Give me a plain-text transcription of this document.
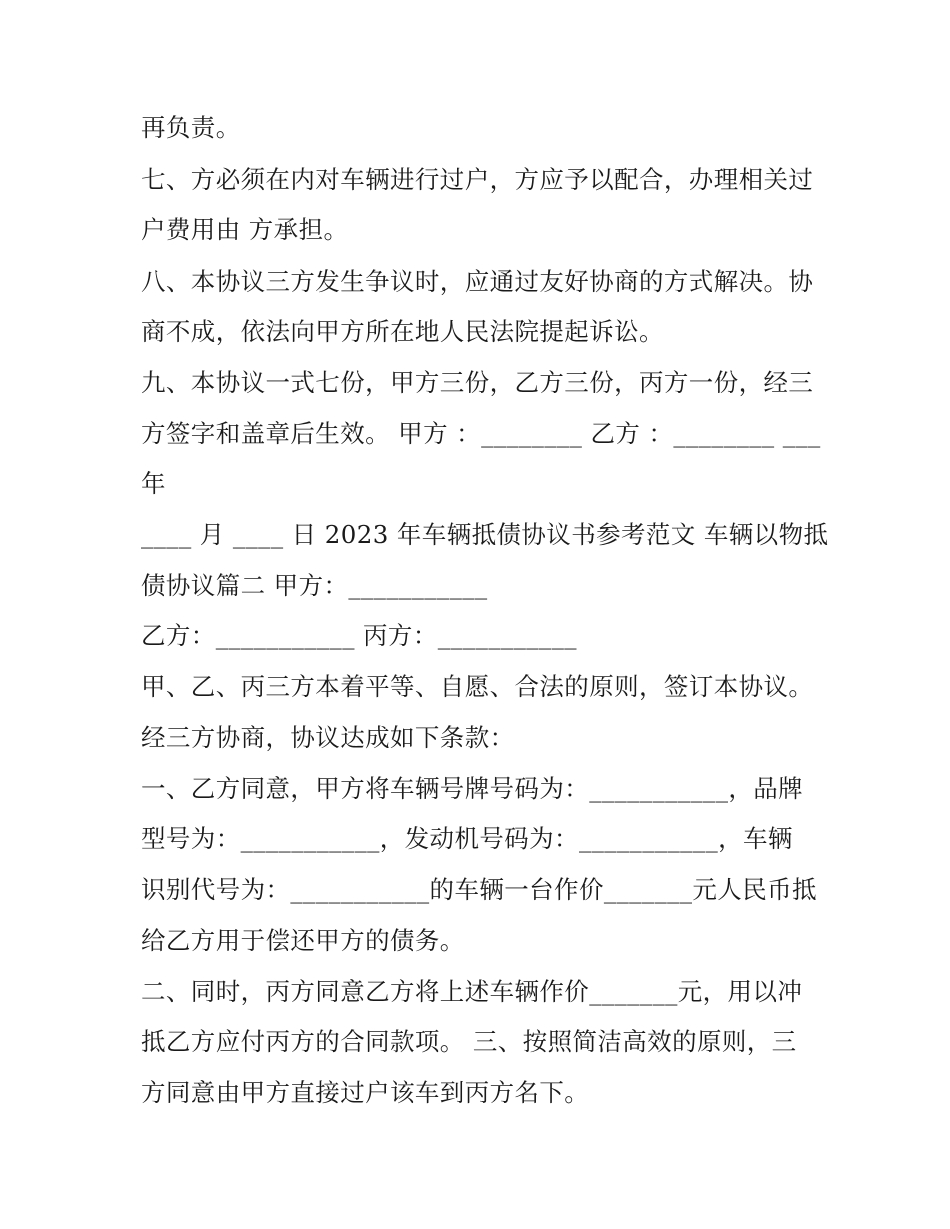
再负责。
七、方必须在内对车辆进行过户，方应予以配合，办理相关过
户费用由 方承担。
八、本协议三方发生争议时，应通过友好协商的方式解决。协
商不成，依法向甲方所在地人民法院提起诉讼。
九、本协议一式七份，甲方三份，乙方三份，丙方一份，经三
方签字和盖章后生效。 甲方 ：________ 乙方 ：________ ___
年
____ 月 ____ 日 2023 年车辆抵债协议书参考范文 车辆以物抵
债协议篇二 甲方：___________
乙方：___________ 丙方：___________
甲、乙、丙三方本着平等、自愿、合法的原则，签订本协议。
经三方协商，协议达成如下条款：
一、乙方同意，甲方将车辆号牌号码为：___________，品牌
型号为：___________，发动机号码为：___________，车辆
识别代号为：___________的车辆一台作价_______元人民币抵
给乙方用于偿还甲方的债务。
二、同时，丙方同意乙方将上述车辆作价_______元，用以冲
抵乙方应付丙方的合同款项。 三、按照简洁高效的原则，三
方同意由甲方直接过户该车到丙方名下。
